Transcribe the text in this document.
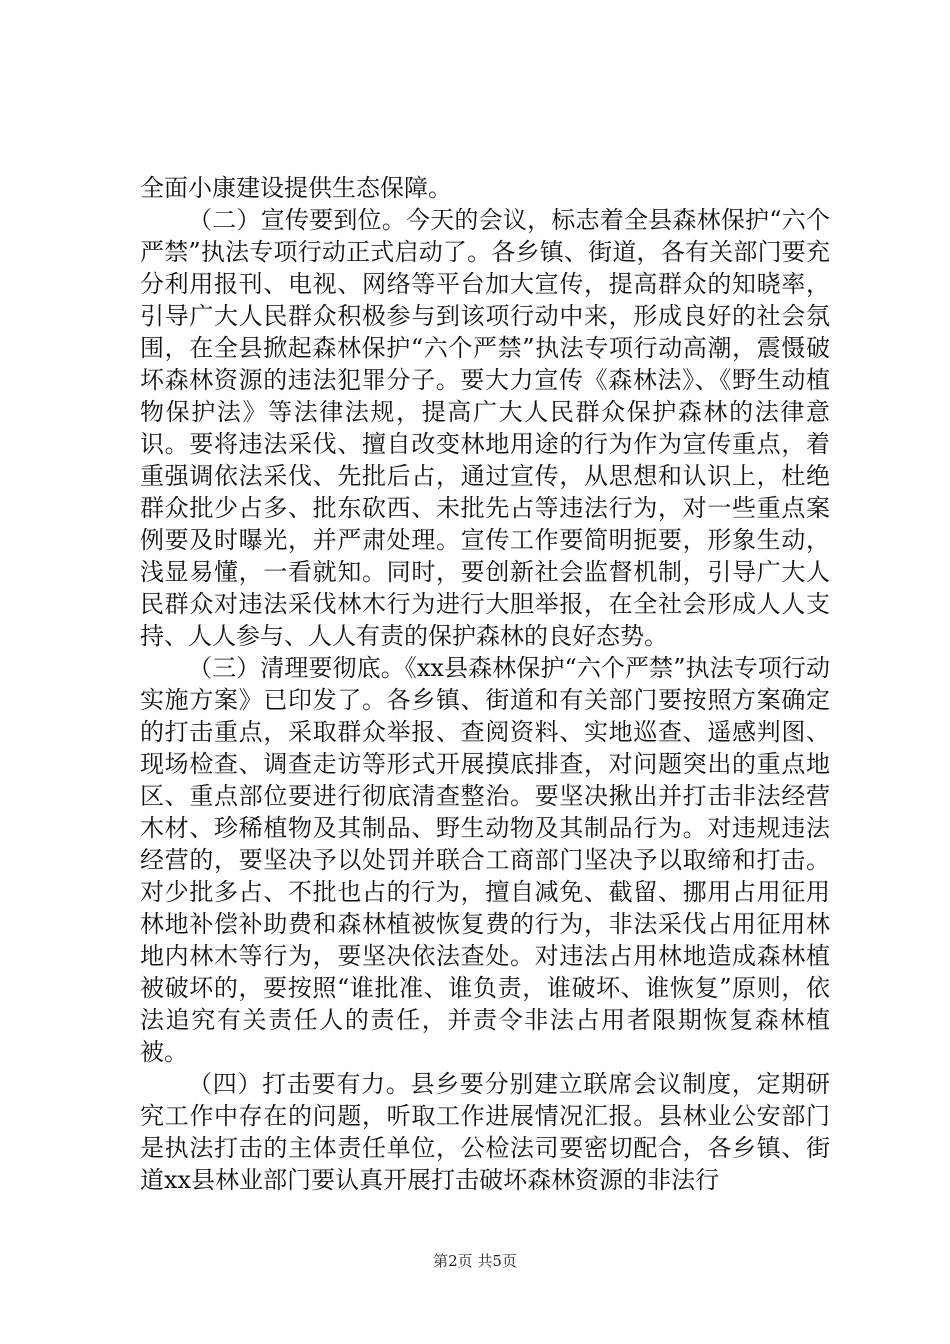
全面小康建设提供生态保障。

（二）宣传要到位。今天的会议，标志着全县森林保护“六个严禁”执法专项行动正式启动了。各乡镇、街道，各有关部门要充分利用报刊、电视、网络等平台加大宣传，提高群众的知晓率，引导广大人民群众积极参与到该项行动中来，形成良好的社会氛围，在全县掀起森林保护“六个严禁”执法专项行动高潮，震慑破坏森林资源的违法犯罪分子。要大力宣传《森林法》、《野生动植物保护法》等法律法规，提高广大人民群众保护森林的法律意识。要将违法采伐、擅自改变林地用途的行为作为宣传重点，着重强调依法采伐、先批后占，通过宣传，从思想和认识上，杜绝群众批少占多、批东砍西、未批先占等违法行为，对一些重点案例要及时曝光，并严肃处理。宣传工作要简明扼要，形象生动，浅显易懂，一看就知。同时，要创新社会监督机制，引导广大人民群众对违法采伐林木行为进行大胆举报，在全社会形成人人支持、人人参与、人人有责的保护森林的良好态势。

（三）清理要彻底。《xx县森林保护“六个严禁”执法专项行动实施方案》已印发了。各乡镇、街道和有关部门要按照方案确定的打击重点，采取群众举报、查阅资料、实地巡查、遥感判图、现场检查、调查走访等形式开展摸底排查，对问题突出的重点地区、重点部位要进行彻底清查整治。要坚决揪出并打击非法经营木材、珍稀植物及其制品、野生动物及其制品行为。对违规违法经营的，要坚决予以处罚并联合工商部门坚决予以取缔和打击。对少批多占、不批也占的行为，擅自减免、截留、挪用占用征用林地补偿补助费和森林植被恢复费的行为，非法采伐占用征用林地内林木等行为，要坚决依法查处。对违法占用林地造成森林植被破坏的，要按照“谁批准、谁负责，谁破坏、谁恢复”原则，依法追究有关责任人的责任，并责令非法占用者限期恢复森林植被。

（四）打击要有力。县乡要分别建立联席会议制度，定期研究工作中存在的问题，听取工作进展情况汇报。县林业公安部门是执法打击的主体责任单位，公检法司要密切配合，各乡镇、街道xx县林业部门要认真开展打击破坏森林资源的非法行

第2页 共5页
